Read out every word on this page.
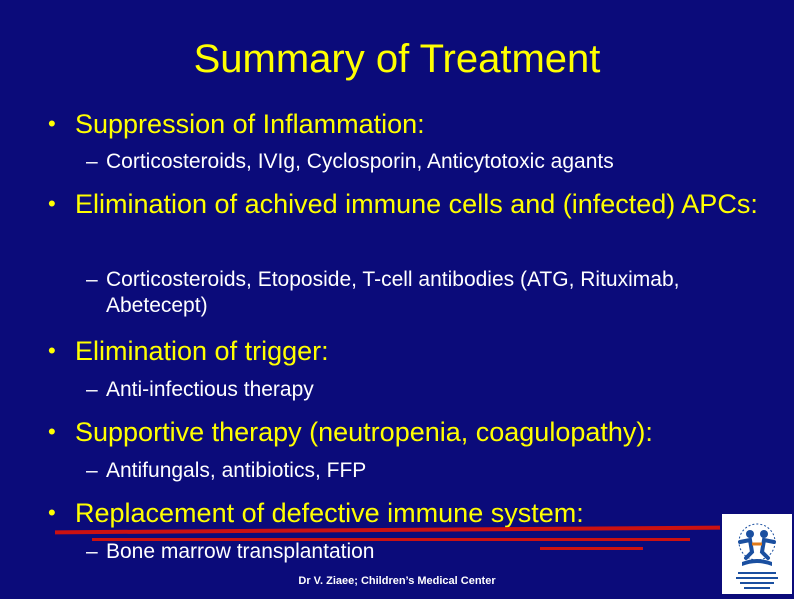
Summary of Treatment
• Suppression of Inflammation:
– Corticosteroids, IVIg, Cyclosporin, Anticytotoxic agants
• Elimination of achived immune cells and (infected) APCs:
– Corticosteroids, Etoposide, T-cell antibodies (ATG, Rituximab, Abetecept)
• Elimination of trigger:
– Anti-infectious therapy
• Supportive therapy (neutropenia, coagulopathy):
– Antifungals, antibiotics, FFP
• Replacement of defective immune system:
– Bone marrow transplantation
Dr V. Ziaee; Children’s Medical Center
